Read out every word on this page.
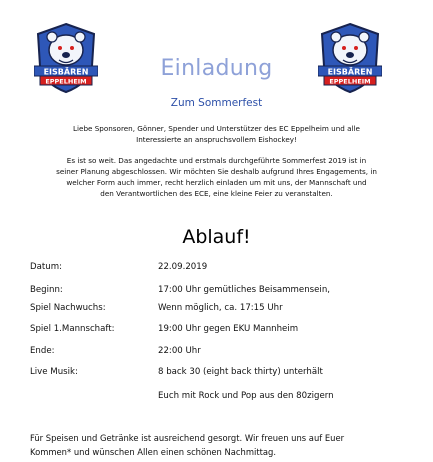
EISBÄREN
EPPELHEIM
EISBÄREN
EPPELHEIM
Einladung
Zum Sommerfest
Liebe Sponsoren, Gönner, Spender und Unterstützer des EC Eppelheim und alle
Interessierte an anspruchsvollem Eishockey!
Es ist so weit. Das angedachte und erstmals durchgeführte Sommerfest 2019 ist in
seiner Planung abgeschlossen. Wir möchten Sie deshalb aufgrund Ihres Engagements, in
welcher Form auch immer, recht herzlich einladen um mit uns, der Mannschaft und
den Verantwortlichen des ECE, eine kleine Feier zu veranstalten.
Ablauf!
Datum:	22.09.2019
Beginn:	17:00 Uhr gemütliches Beisammensein,
Spiel Nachwuchs:	Wenn möglich, ca. 17:15 Uhr
Spiel 1.Mannschaft:	19:00 Uhr gegen EKU Mannheim
Ende:	22:00 Uhr
Live Musik:	8 back 30 (eight back thirty) unterhält
Euch mit Rock und Pop aus den 80zigern
Für Speisen und Getränke ist ausreichend gesorgt. Wir freuen uns auf Euer
Kommen* und wünschen Allen einen schönen Nachmittag.
